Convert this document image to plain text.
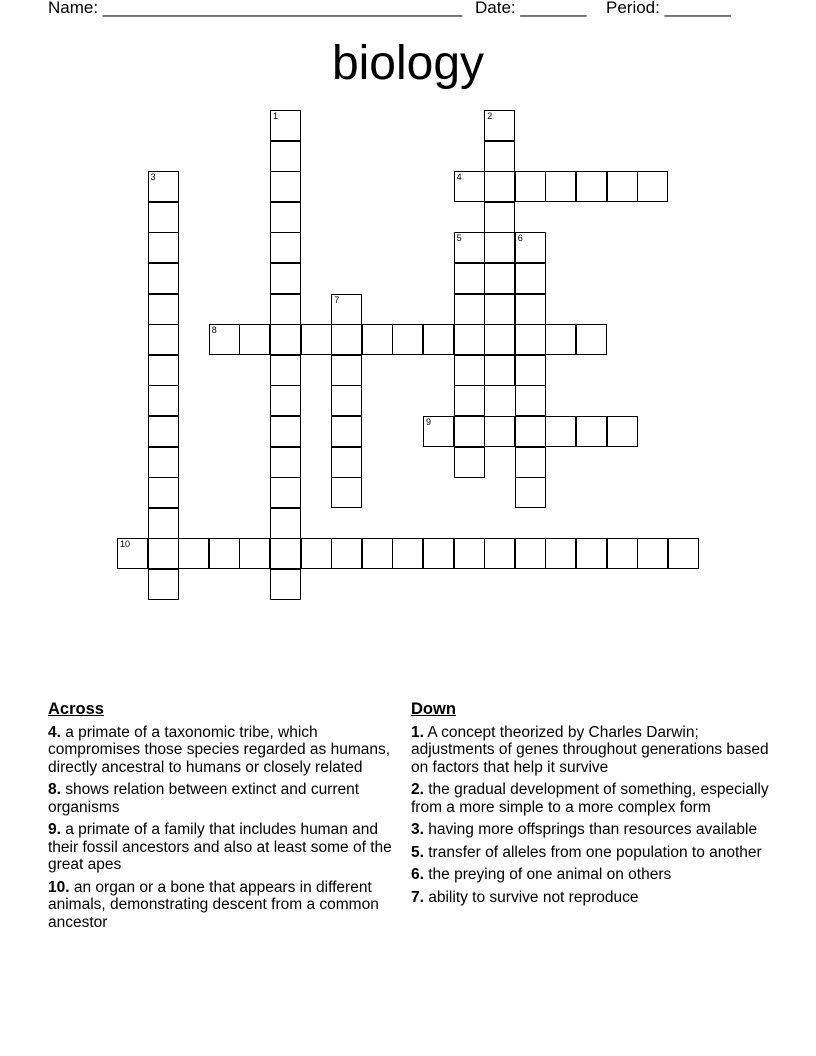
Name: ______________________________________ Date: _______ Period: _______
biology
1	2
3	4
5	6
7
8
9
10
Across
4. a primate of a taxonomic tribe, which compromises those species regarded as humans, directly ancestral to humans or closely related
8. shows relation between extinct and current organisms
9. a primate of a family that includes human and their fossil ancestors and also at least some of the great apes
10. an organ or a bone that appears in different animals, demonstrating descent from a common ancestor
Down
1. A concept theorized by Charles Darwin; adjustments of genes throughout generations based on factors that help it survive
2. the gradual development of something, especially from a more simple to a more complex form
3. having more offsprings than resources available
5. transfer of alleles from one population to another
6. the preying of one animal on others
7. ability to survive not reproduce
